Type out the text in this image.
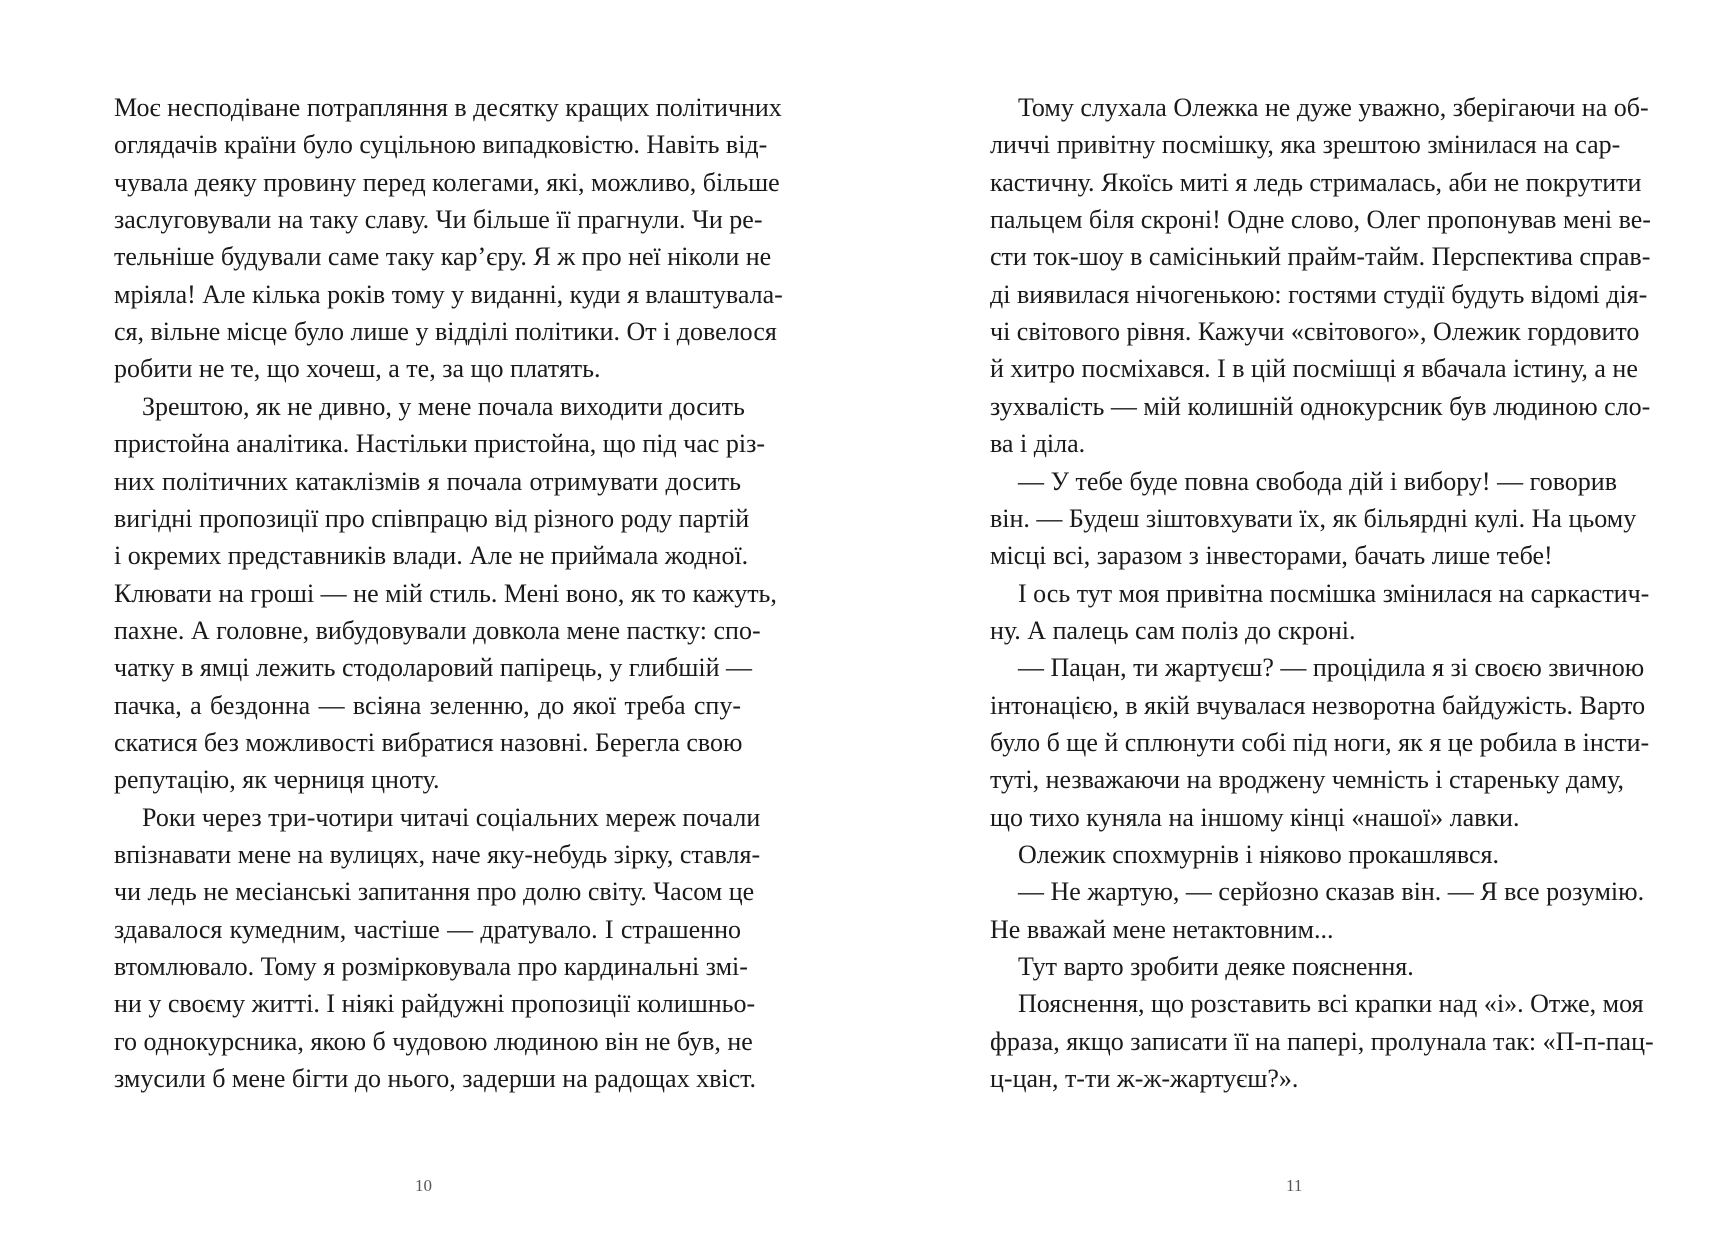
Моє несподіване потрапляння в десятку кращих політичних
оглядачів країни було суцільною випадковістю. Навіть від-
чувала деяку провину перед колегами, які, можливо, більше
заслуговували на таку славу. Чи більше її прагнули. Чи ре-
тельніше будували саме таку кар’єру. Я ж про неї ніколи не
мріяла! Але кілька років тому у виданні, куди я влаштувала-
ся, вільне місце було лише у відділі політики. От і довелося
робити не те, що хочеш, а те, за що платять.
Зрештою, як не дивно, у мене почала виходити досить
пристойна аналітика. Настільки пристойна, що під час різ-
них політичних катаклізмів я почала отримувати досить
вигідні пропозиції про співпрацю від різного роду партій
і окремих представників влади. Але не приймала жодної.
Клювати на гроші — не мій стиль. Мені воно, як то кажуть,
пахне. А головне, вибудовували довкола мене пастку: спо-
чатку в ямці лежить стодоларовий папірець, у глибшій —
пачка, а бездонна — всіяна зеленню, до якої треба спу-
скатися без можливості вибратися назовні. Берегла свою
репутацію, як черниця цноту.
Роки через три-чотири читачі соціальних мереж почали
впізнавати мене на вулицях, наче яку-небудь зірку, ставля-
чи ледь не месіанські запитання про долю світу. Часом це
здавалося кумедним, частіше — дратувало. І страшенно
втомлювало. Тому я розмірковувала про кардинальні змі-
ни у своєму житті. І ніякі райдужні пропозиції колишньо-
го однокурсника, якою б чудовою людиною він не був, не
змусили б мене бігти до нього, задерши на радощах хвіст.
10
Тому слухала Олежка не дуже уважно, зберігаючи на об-
личчі привітну посмішку, яка зрештою змінилася на сар-
кастичну. Якоїсь миті я ледь стрималась, аби не покрутити
пальцем біля скроні! Одне слово, Олег пропонував мені ве-
сти ток-шоу в самісінький прайм-тайм. Перспектива справ-
ді виявилася нічогенькою: гостями студії будуть відомі дія-
чі світового рівня. Кажучи «світового», Олежик гордовито
й хитро посміхався. І в цій посмішці я вбачала істину, а не
зухвалість — мій колишній однокурсник був людиною сло-
ва і діла.
— У тебе буде повна свобода дій і вибору! — говорив
він. — Будеш зіштовхувати їх, як більярдні кулі. На цьому
місці всі, заразом з інвесторами, бачать лише тебе!
І ось тут моя привітна посмішка змінилася на саркастич-
ну. А палець сам поліз до скроні.
— Пацан, ти жартуєш? — процідила я зі своєю звичною
інтонацією, в якій вчувалася незворотна байдужість. Варто
було б ще й сплюнути собі під ноги, як я це робила в інсти-
туті, незважаючи на вроджену чемність і стареньку даму,
що тихо куняла на іншому кінці «нашої» лавки.
Олежик спохмурнів і ніяково прокашлявся.
— Не жартую, — серйозно сказав він. — Я все розумію.
Не вважай мене нетактовним...
Тут варто зробити деяке пояснення.
Пояснення, що розставить всі крапки над «і». Отже, моя
фраза, якщо записати її на папері, пролунала так: «П-п-пац-
ц-цан, т-ти ж-ж-жартуєш?».
11
